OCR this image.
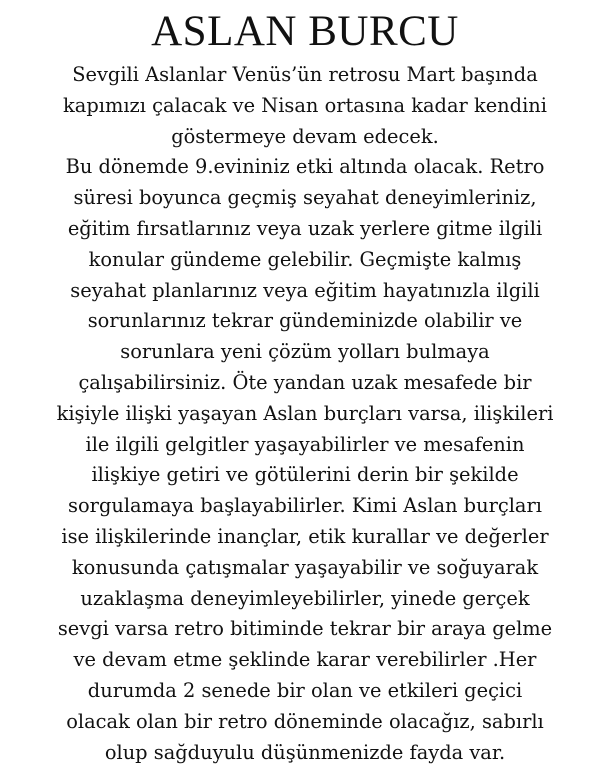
ASLAN BURCU
Sevgili Aslanlar Venüs’ün retrosu Mart başında
kapımızı çalacak ve Nisan ortasına kadar kendini
göstermeye devam edecek.
Bu dönemde 9.evininiz etki altında olacak. Retro
süresi boyunca geçmiş seyahat deneyimleriniz,
eğitim fırsatlarınız veya uzak yerlere gitme ilgili
konular gündeme gelebilir. Geçmişte kalmış
seyahat planlarınız veya eğitim hayatınızla ilgili
sorunlarınız tekrar gündeminizde olabilir ve
sorunlara yeni çözüm yolları bulmaya
çalışabilirsiniz. Öte yandan uzak mesafede bir
kişiyle ilişki yaşayan Aslan burçları varsa, ilişkileri
ile ilgili gelgitler yaşayabilirler ve mesafenin
ilişkiye getiri ve götülerini derin bir şekilde
sorgulamaya başlayabilirler. Kimi Aslan burçları
ise ilişkilerinde inançlar, etik kurallar ve değerler
konusunda çatışmalar yaşayabilir ve soğuyarak
uzaklaşma deneyimleyebilirler, yinede gerçek
sevgi varsa retro bitiminde tekrar bir araya gelme
ve devam etme şeklinde karar verebilirler .Her
durumda 2 senede bir olan ve etkileri geçici
olacak olan bir retro döneminde olacağız, sabırlı
olup sağduyulu düşünmenizde fayda var.
